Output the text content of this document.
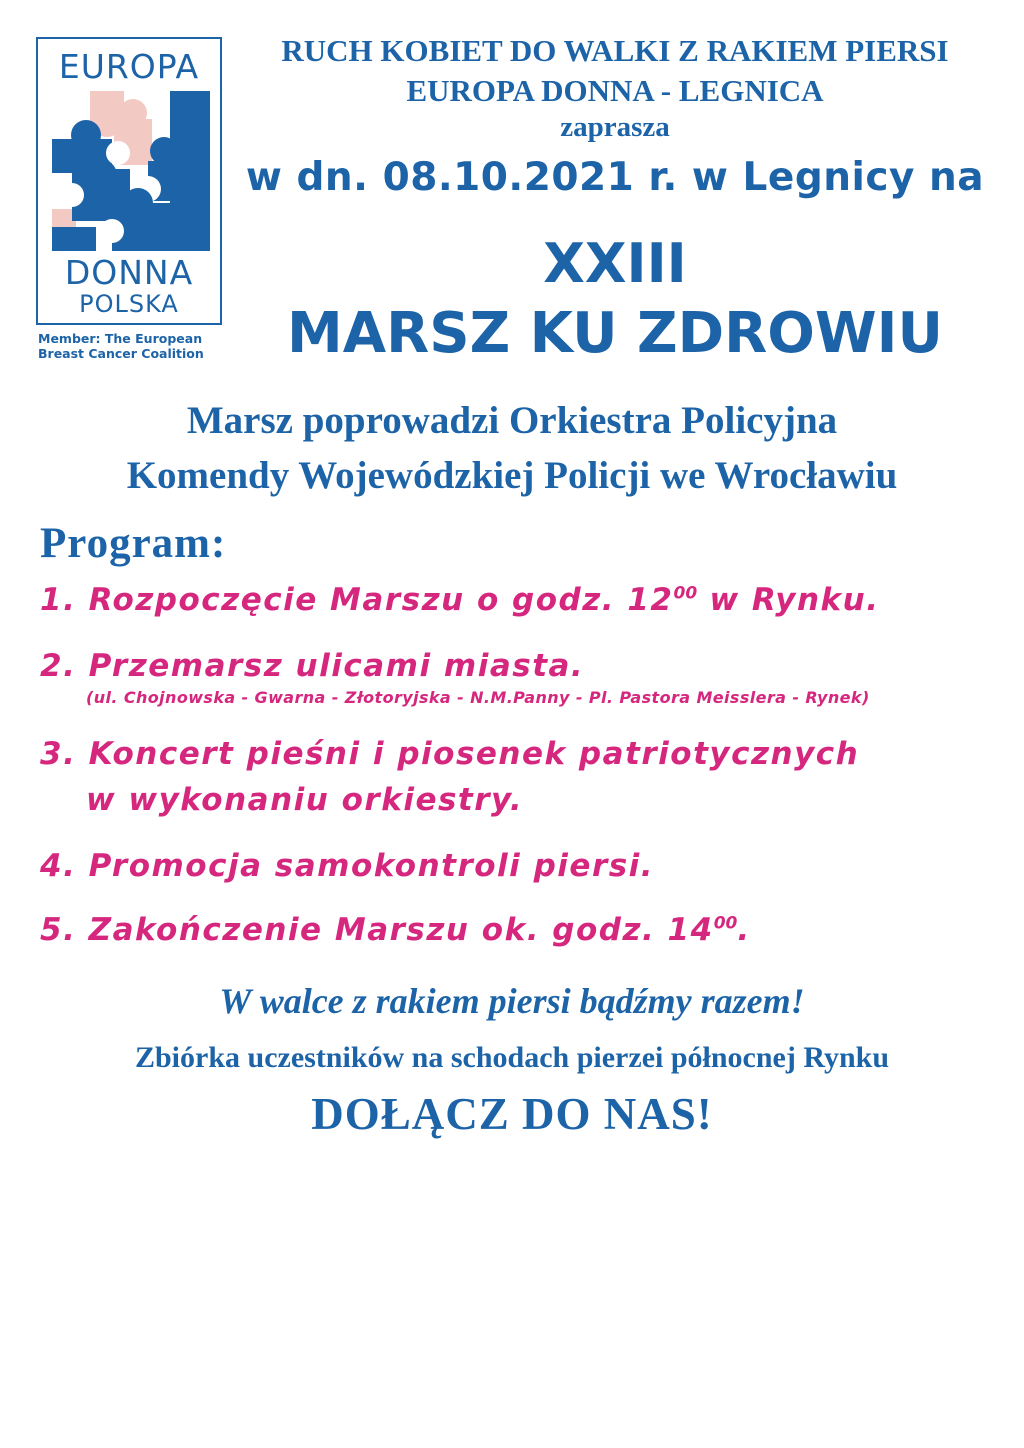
EUROPA
DONNA
POLSKA
Member: The European
Breast Cancer Coalition
RUCH KOBIET DO WALKI Z RAKIEM PIERSI
EUROPA DONNA - LEGNICA
zaprasza
w dn. 08.10.2021 r. w Legnicy na
XXIII
MARSZ KU ZDROWIU
Marsz poprowadzi Orkiestra Policyjna
Komendy Wojewódzkiej Policji we Wrocławiu
Program:
1. Rozpoczęcie Marszu o godz. $12^{00}$ w Rynku.
2. Przemarsz ulicami miasta.
(ul. Chojnowska - Gwarna - Złotoryjska - N.M.Panny - Pl. Pastora Meisslera - Rynek)
3. Koncert pieśni i piosenek patriotycznych
w wykonaniu orkiestry.
4. Promocja samokontroli piersi.
5. Zakończenie Marszu ok. godz. $14^{00}$.
W walce z rakiem piersi bądźmy razem!
Zbiórka uczestników na schodach pierzei północnej Rynku
DOŁĄCZ DO NAS!
